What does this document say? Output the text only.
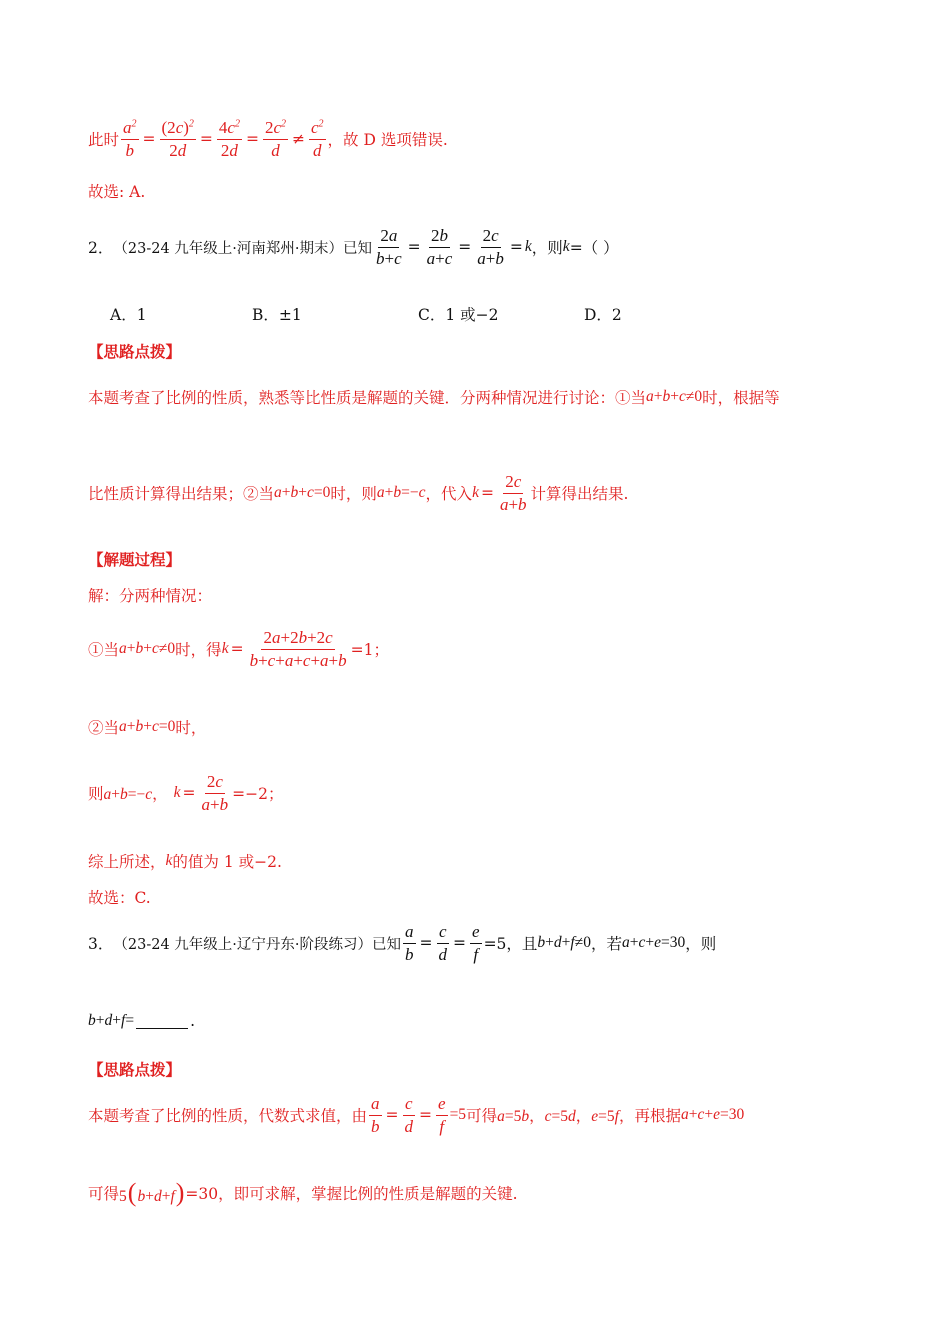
此时 $\frac{a^2}{b} = \frac{(2c)^2}{2d} = \frac{4c^2}{2d} = \frac{2c^2}{d} \ne \frac{c^2}{d}$ ，故 D 选项错误.
故选: A.
2． （23-24 九年级上·河南郑州·期末）已知 $\frac{2a}{b+c} = \frac{2b}{a+c} = \frac{2c}{a+b} = k$ ，则 k =（ ）
A．1	B．±1	C．1 或−2	D．2
【思路点拨】
本题考查了比例的性质，熟悉等比性质是解题的关键．分两种情况进行讨论：①当 a+b+c≠0 时，根据等
比性质计算得出结果；②当 a+b+c=0 时，则 a+b=−c ，代入 $k = \frac{2c}{a+b}$ 计算得出结果.
【解题过程】
解：分两种情况：
①当 a+b+c≠0 时，得 $k = \frac{2a+2b+2c}{b+c+a+c+a+b} =1$；
②当 a+b+c=0 时，
则 a+b=−c， $k = \frac{2c}{a+b} =-2$；
综上所述， k 的值为 1 或−2.
故选：C.
3． （23-24 九年级上·辽宁丹东·阶段练习）已知 $\frac{a}{b} = \frac{c}{d} = \frac{e}{f} =5$，且 b+d+f≠0 ，若 a+c+e=30 ，则
b+d+f=	.
【思路点拨】
本题考查了比例的性质，代数式求值，由 $\frac{a}{b} = \frac{c}{d} = \frac{e}{f} =5$ 可得 a=5b，c=5d，e=5f ，再根据 a+c+e=30
可得 5(b+d+f) =30，即可求解，掌握比例的性质是解题的关键.
